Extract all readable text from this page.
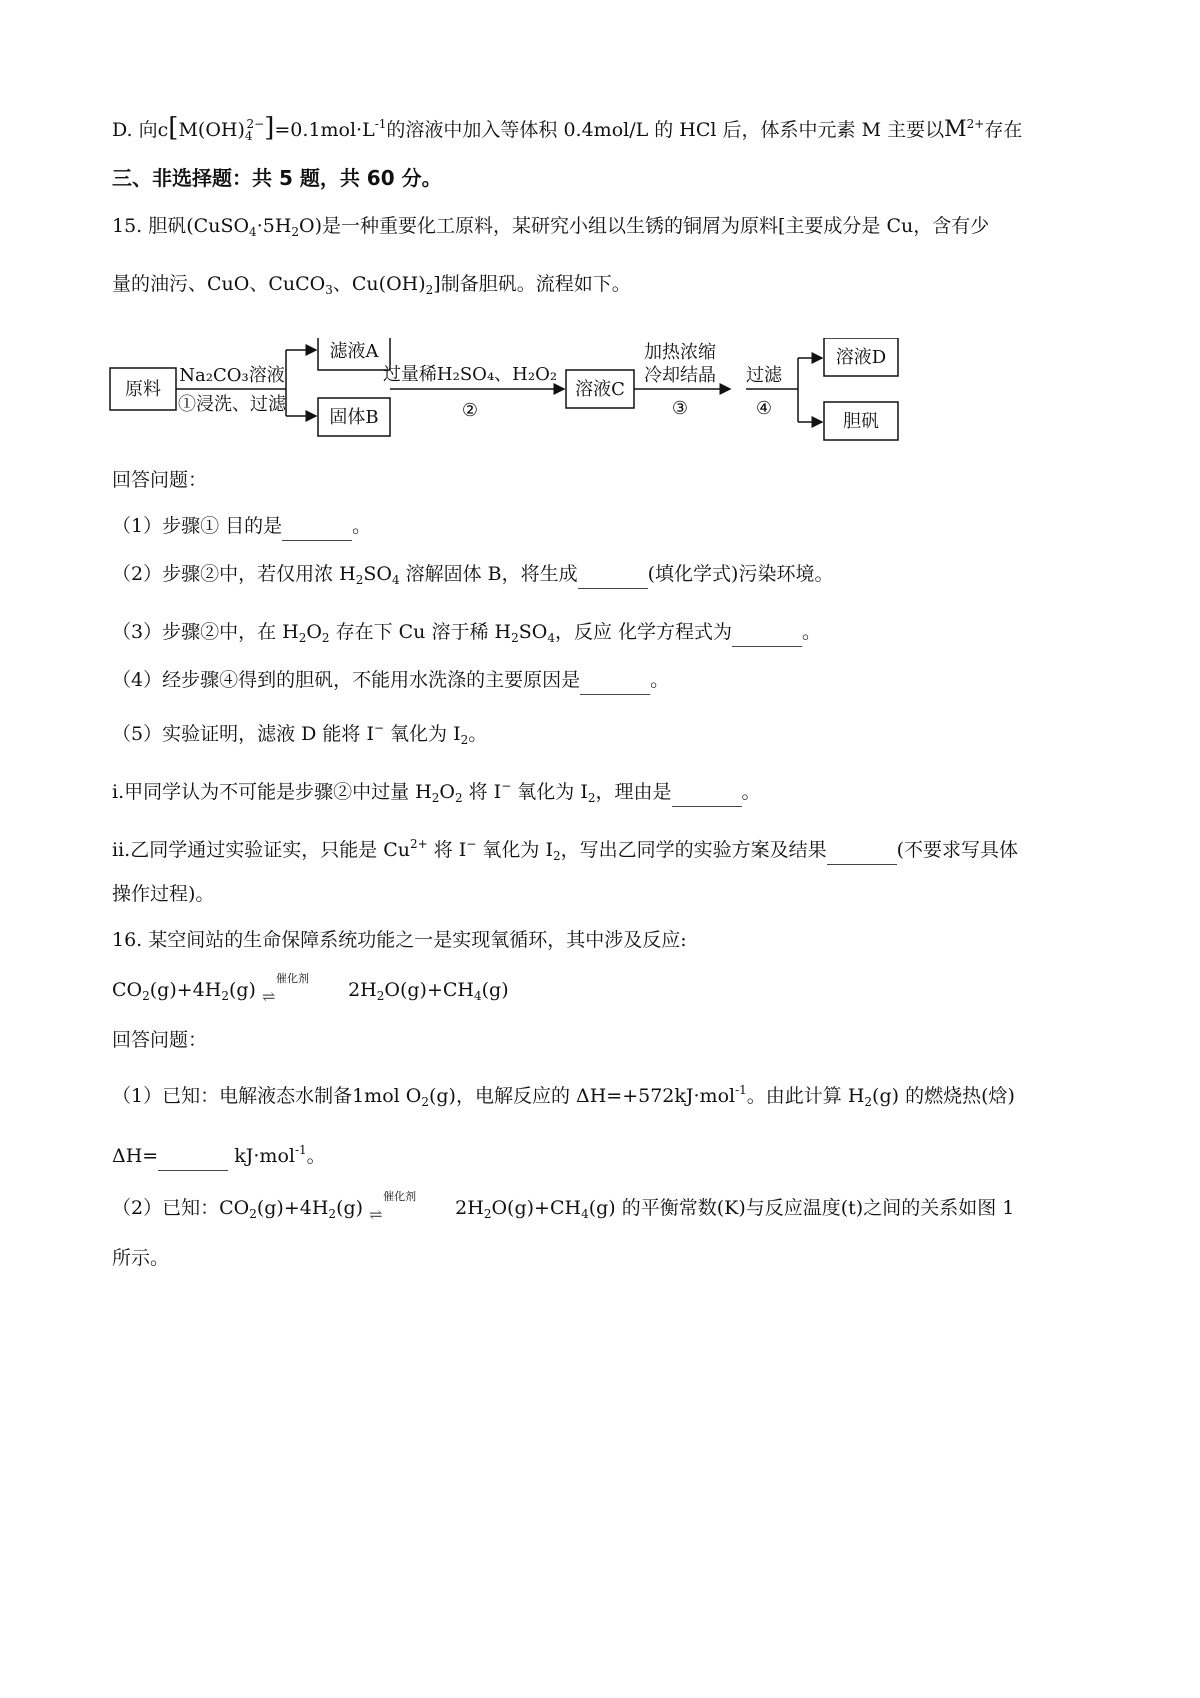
D. 向$c[M(OH)_4^{2-}]=0.1mol\cdot L^{-1}$的溶液中加入等体积 0.4mol/L 的 HCl 后，体系中元素 M 主要以$M^{2+}$存在
三、非选择题：共 5 题，共 60 分。
15. 胆矾$(CuSO_4\cdot 5H_2O)$是一种重要化工原料，某研究小组以生锈的铜屑为原料[主要成分是 Cu，含有少
量的油污、CuO、CuCO$_3$、$Cu(OH)_2$]制备胆矾。流程如下。
原料
Na₂CO₃溶液
①浸洗、过滤
滤液A
固体B
过量稀H₂SO₄、H₂O₂
②
溶液C
加热浓缩
冷却结晶
③
过滤
④
溶液D
胆矾
回答问题：
（1）步骤① 目的是	。
（2）步骤②中，若仅用浓 $H_2SO_4$ 溶解固体 B，将生成	(填化学式)污染环境。
（3）步骤②中，在 $H_2O_2$ 存在下 Cu 溶于稀 $H_2SO_4$，反应 化学方程式为	。
（4）经步骤④得到的胆矾，不能用水洗涤的主要原因是	。
（5）实验证明，滤液 D 能将 I− 氧化为 $I_2$。
ⅰ.甲同学认为不可能是步骤②中过量 $H_2O_2$ 将 I− 氧化为 $I_2$，理由是	。
ⅱ.乙同学通过实验证实，只能是 $Cu^{2+}$ 将 I− 氧化为 $I_2$，写出乙同学的实验方案及结果	(不要求写具体
操作过程)。
16. 某空间站的生命保障系统功能之一是实现氧循环，其中涉及反应:
$CO_2(g)+4H_2(g)$
催化剂
⇌	$2H_2O(g)+CH_4(g)$
回答问题：
（1）已知：电解液态水制备1mol $O_2(g)$，电解反应的 ΔH=+572kJ·mol$^{-1}$。由此计算 $H_2(g)$ 的燃烧热(焓)
ΔH=	kJ·mol$^{-1}$。
（2）已知：$CO_2(g)+4H_2(g)$
催化剂
⇌	$2H_2O(g)+CH_4(g)$ 的平衡常数(K)与反应温度(t)之间的关系如图 1
所示。
